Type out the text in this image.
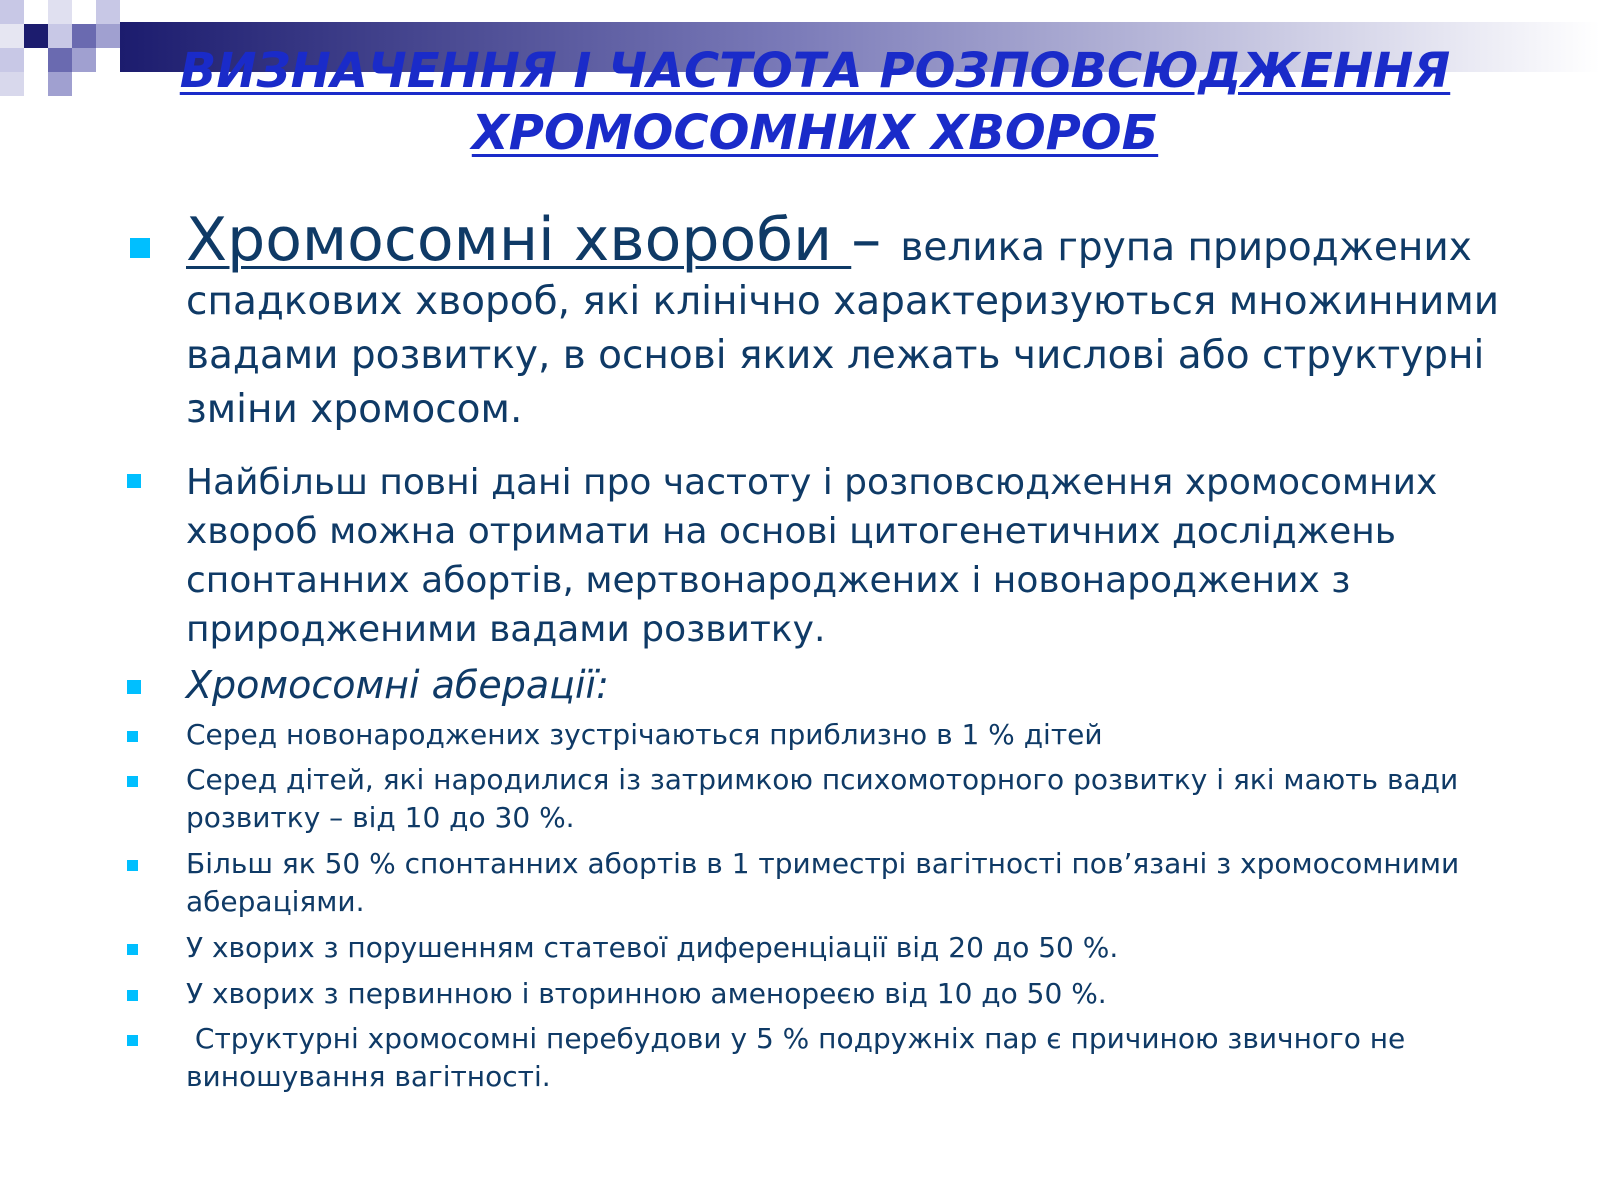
ВИЗНАЧЕННЯ І ЧАСТОТА РОЗПОВСЮДЖЕННЯ
ХРОМОСОМНИХ ХВОРОБ

Хромосомні хвороби – велика група природжених спадкових хвороб, які клінічно характеризуються множинними вадами розвитку, в основі яких лежать числові або структурні зміни хромосом.

Найбільш повні дані про частоту і розповсюдження хромосомних хвороб можна отримати на основі цитогенетичних досліджень спонтанних абортів, мертвонароджених і новонароджених з природженими вадами розвитку.

Хромосомні аберації:

Серед новонароджених зустрічаються приблизно в 1 % дітей

Серед дітей, які народилися із затримкою психомоторного розвитку і які мають вади розвитку – від 10 до 30 %.

Більш як 50 % спонтанних абортів в 1 триместрі вагітності пов’язані з хромосомними абераціями.

У хворих з порушенням статевої диференціації від 20 до 50 %.

У хворих з первинною і вторинною аменореєю від 10 до 50 %.

Структурні хромосомні перебудови у 5 % подружніх пар є причиною звичного не виношування вагітності.
